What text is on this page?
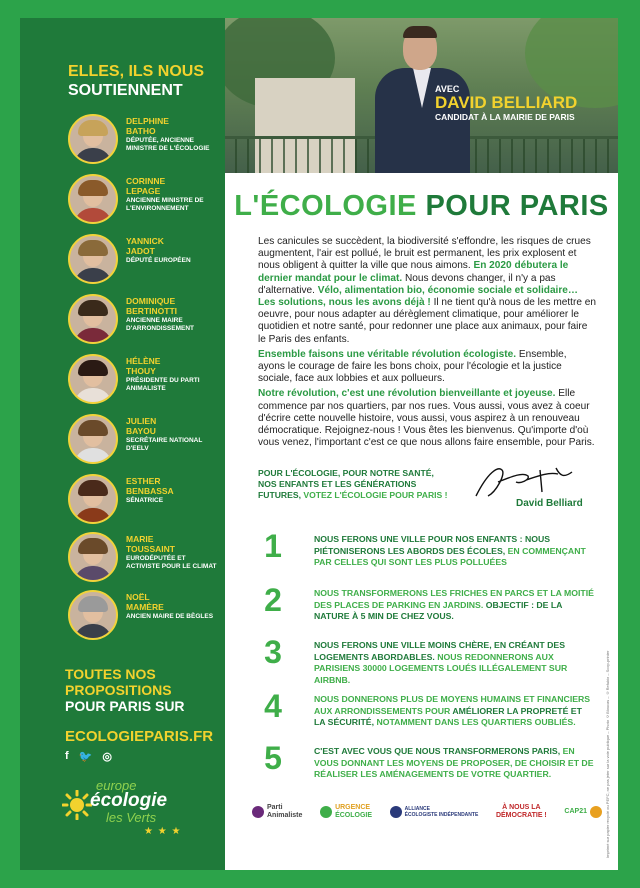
ELLES, ILS NOUS
SOUTIENNENT
DELPHINE
BATHO
DÉPUTÉE, ANCIENNE MINISTRE DE L'ÉCOLOGIE
CORINNE
LEPAGE
ANCIENNE MINISTRE DE L'ENVIRONNEMENT
YANNICK
JADOT
DÉPUTÉ EUROPÉEN
DOMINIQUE
BERTINOTTI
ANCIENNE MAIRE D'ARRONDISSEMENT
HÉLÈNE
THOUY
PRÉSIDENTE DU PARTI ANIMALISTE
JULIEN
BAYOU
SECRÉTAIRE NATIONAL D'EELV
ESTHER
BENBASSA
SÉNATRICE
MARIE
TOUSSAINT
EURODÉPUTÉE ET ACTIVISTE POUR LE CLIMAT
NOËL
MAMÈRE
ANCIEN MAIRE DE BÈGLES
TOUTES NOS
PROPOSITIONS
POUR PARIS SUR
ECOLOGIEPARIS.FR
f 🐦 ◎
europe
écologie
les Verts
★ ★ ★
AVEC
DAVID BELLIARD
CANDIDAT À LA MAIRIE DE PARIS
L'ÉCOLOGIE POUR PARIS

Les canicules se succèdent, la biodiversité s'effondre, les risques de crues augmentent, l'air est pollué, le bruit est permanent, les prix explosent et nous obligent à quitter la ville que nous aimons. En 2020 débutera le dernier mandat pour le climat. Nous devons changer, il n'y a pas d'alternative. Vélo, alimentation bio, économie sociale et solidaire… Les solutions, nous les avons déjà ! Il ne tient qu'à nous de les mettre en oeuvre, pour nous adapter au dérèglement climatique, pour améliorer le quotidien et notre santé, pour redonner une place aux animaux, pour faire le Paris des enfants.

Ensemble faisons une véritable révolution écologiste. Ensemble, ayons le courage de faire les bons choix, pour l'écologie et la justice sociale, face aux lobbies et aux pollueurs.

Notre révolution, c'est une révolution bienveillante et joyeuse. Elle commence par nos quartiers, par nos rues. Vous aussi, vous avez à coeur d'écrire cette nouvelle histoire, vous aussi, vous aspirez à un renouveau démocratique. Rejoignez-nous ! Vous êtes les bienvenus. Qu'importe d'où vous venez, l'important c'est ce que nous allons faire ensemble, pour Paris.

POUR L'ÉCOLOGIE, POUR NOTRE SANTÉ,
NOS ENFANTS ET LES GÉNÉRATIONS
FUTURES, VOTEZ L'ÉCOLOGIE POUR PARIS !
David Belliard
1	NOUS FERONS UNE VILLE POUR NOS ENFANTS : NOUS PIÉTONISERONS LES ABORDS DES ÉCOLES, EN COMMENÇANT PAR CELLES QUI SONT LES PLUS POLLUÉES
2	NOUS TRANSFORMERONS LES FRICHES EN PARCS ET LA MOITIÉ DES PLACES DE PARKING EN JARDINS. OBJECTIF : DE LA NATURE À 5 MIN DE CHEZ VOUS.
3	NOUS FERONS UNE VILLE MOINS CHÈRE, EN CRÉANT DES LOGEMENTS ABORDABLES. NOUS REDONNERONS AUX PARISIENS 30000 LOGEMENTS LOUÉS ILLÉGALEMENT SUR AIRBNB.
4	NOUS DONNERONS PLUS DE MOYENS HUMAINS ET FINANCIERS AUX ARRONDISSEMENTS POUR AMÉLIORER LA PROPRETÉ ET LA SÉCURITÉ, NOTAMMENT DANS LES QUARTIERS OUBLIÉS.
5	C'EST AVEC VOUS QUE NOUS TRANSFORMERONS PARIS, EN VOUS DONNANT LES MOYENS DE PROPOSER, DE CHOISIR ET DE RÉALISER LES AMÉNAGEMENTS DE VOTRE QUARTIER.
Parti
Animaliste
URGENCE
ÉCOLOGIE
ALLIANCE
ÉCOLOGISTE INDÉPENDANTE
À NOUS LA
DÉMOCRATIE !
CAP21	Imprimé sur papier recyclé ou PEFC, ne pas jeter sur la voie publique – Photo ©Bloxcas – ©Refukio – Scop-printer
